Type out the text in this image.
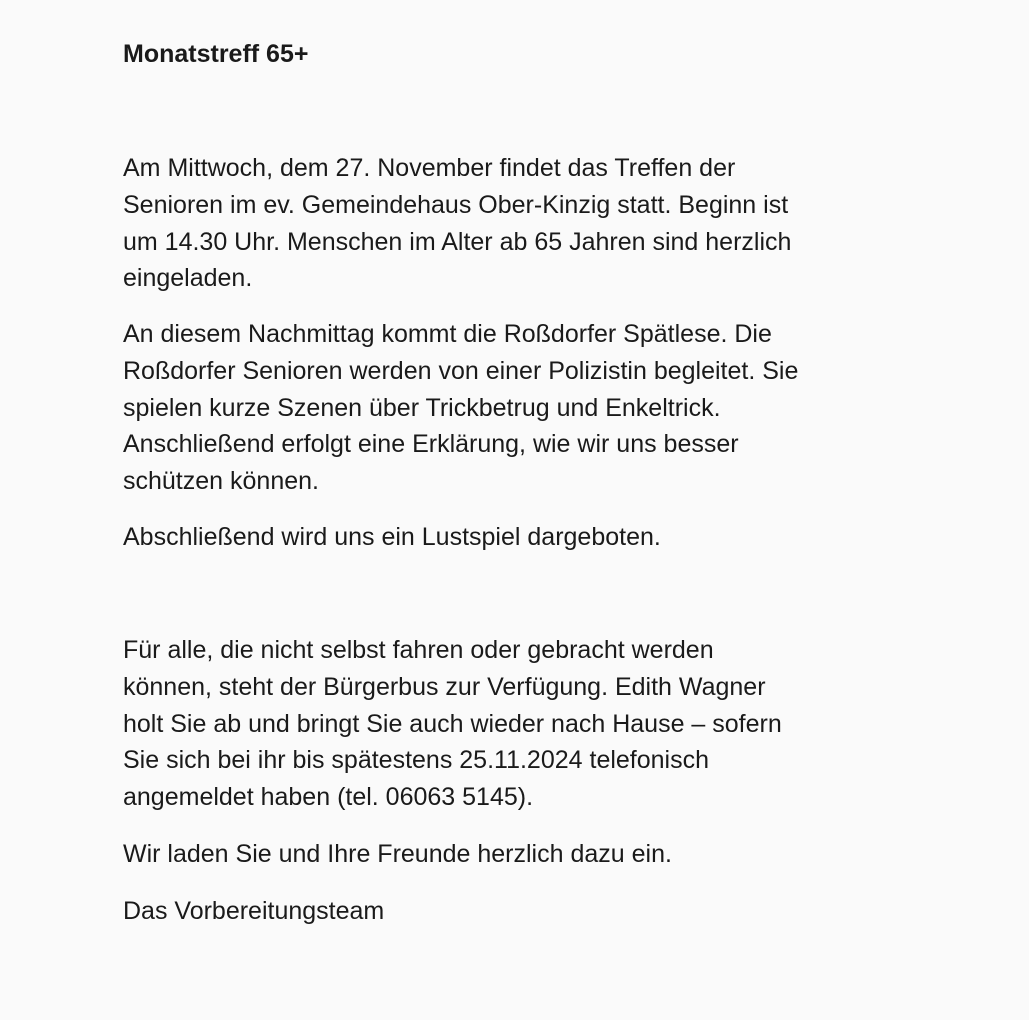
Monatstreff 65+

Am Mittwoch, dem 27. November findet das Treffen der
Senioren im ev. Gemeindehaus Ober-Kinzig statt. Beginn ist
um 14.30 Uhr. Menschen im Alter ab 65 Jahren sind herzlich
eingeladen.

An diesem Nachmittag kommt die Roßdorfer Spätlese. Die
Roßdorfer Senioren werden von einer Polizistin begleitet. Sie
spielen kurze Szenen über Trickbetrug und Enkeltrick.
Anschließend erfolgt eine Erklärung, wie wir uns besser
schützen können.

Abschließend wird uns ein Lustspiel dargeboten.

Für alle, die nicht selbst fahren oder gebracht werden
können, steht der Bürgerbus zur Verfügung. Edith Wagner
holt Sie ab und bringt Sie auch wieder nach Hause – sofern
Sie sich bei ihr bis spätestens 25.11.2024 telefonisch
angemeldet haben (tel. 06063 5145).

Wir laden Sie und Ihre Freunde herzlich dazu ein.

Das Vorbereitungsteam
